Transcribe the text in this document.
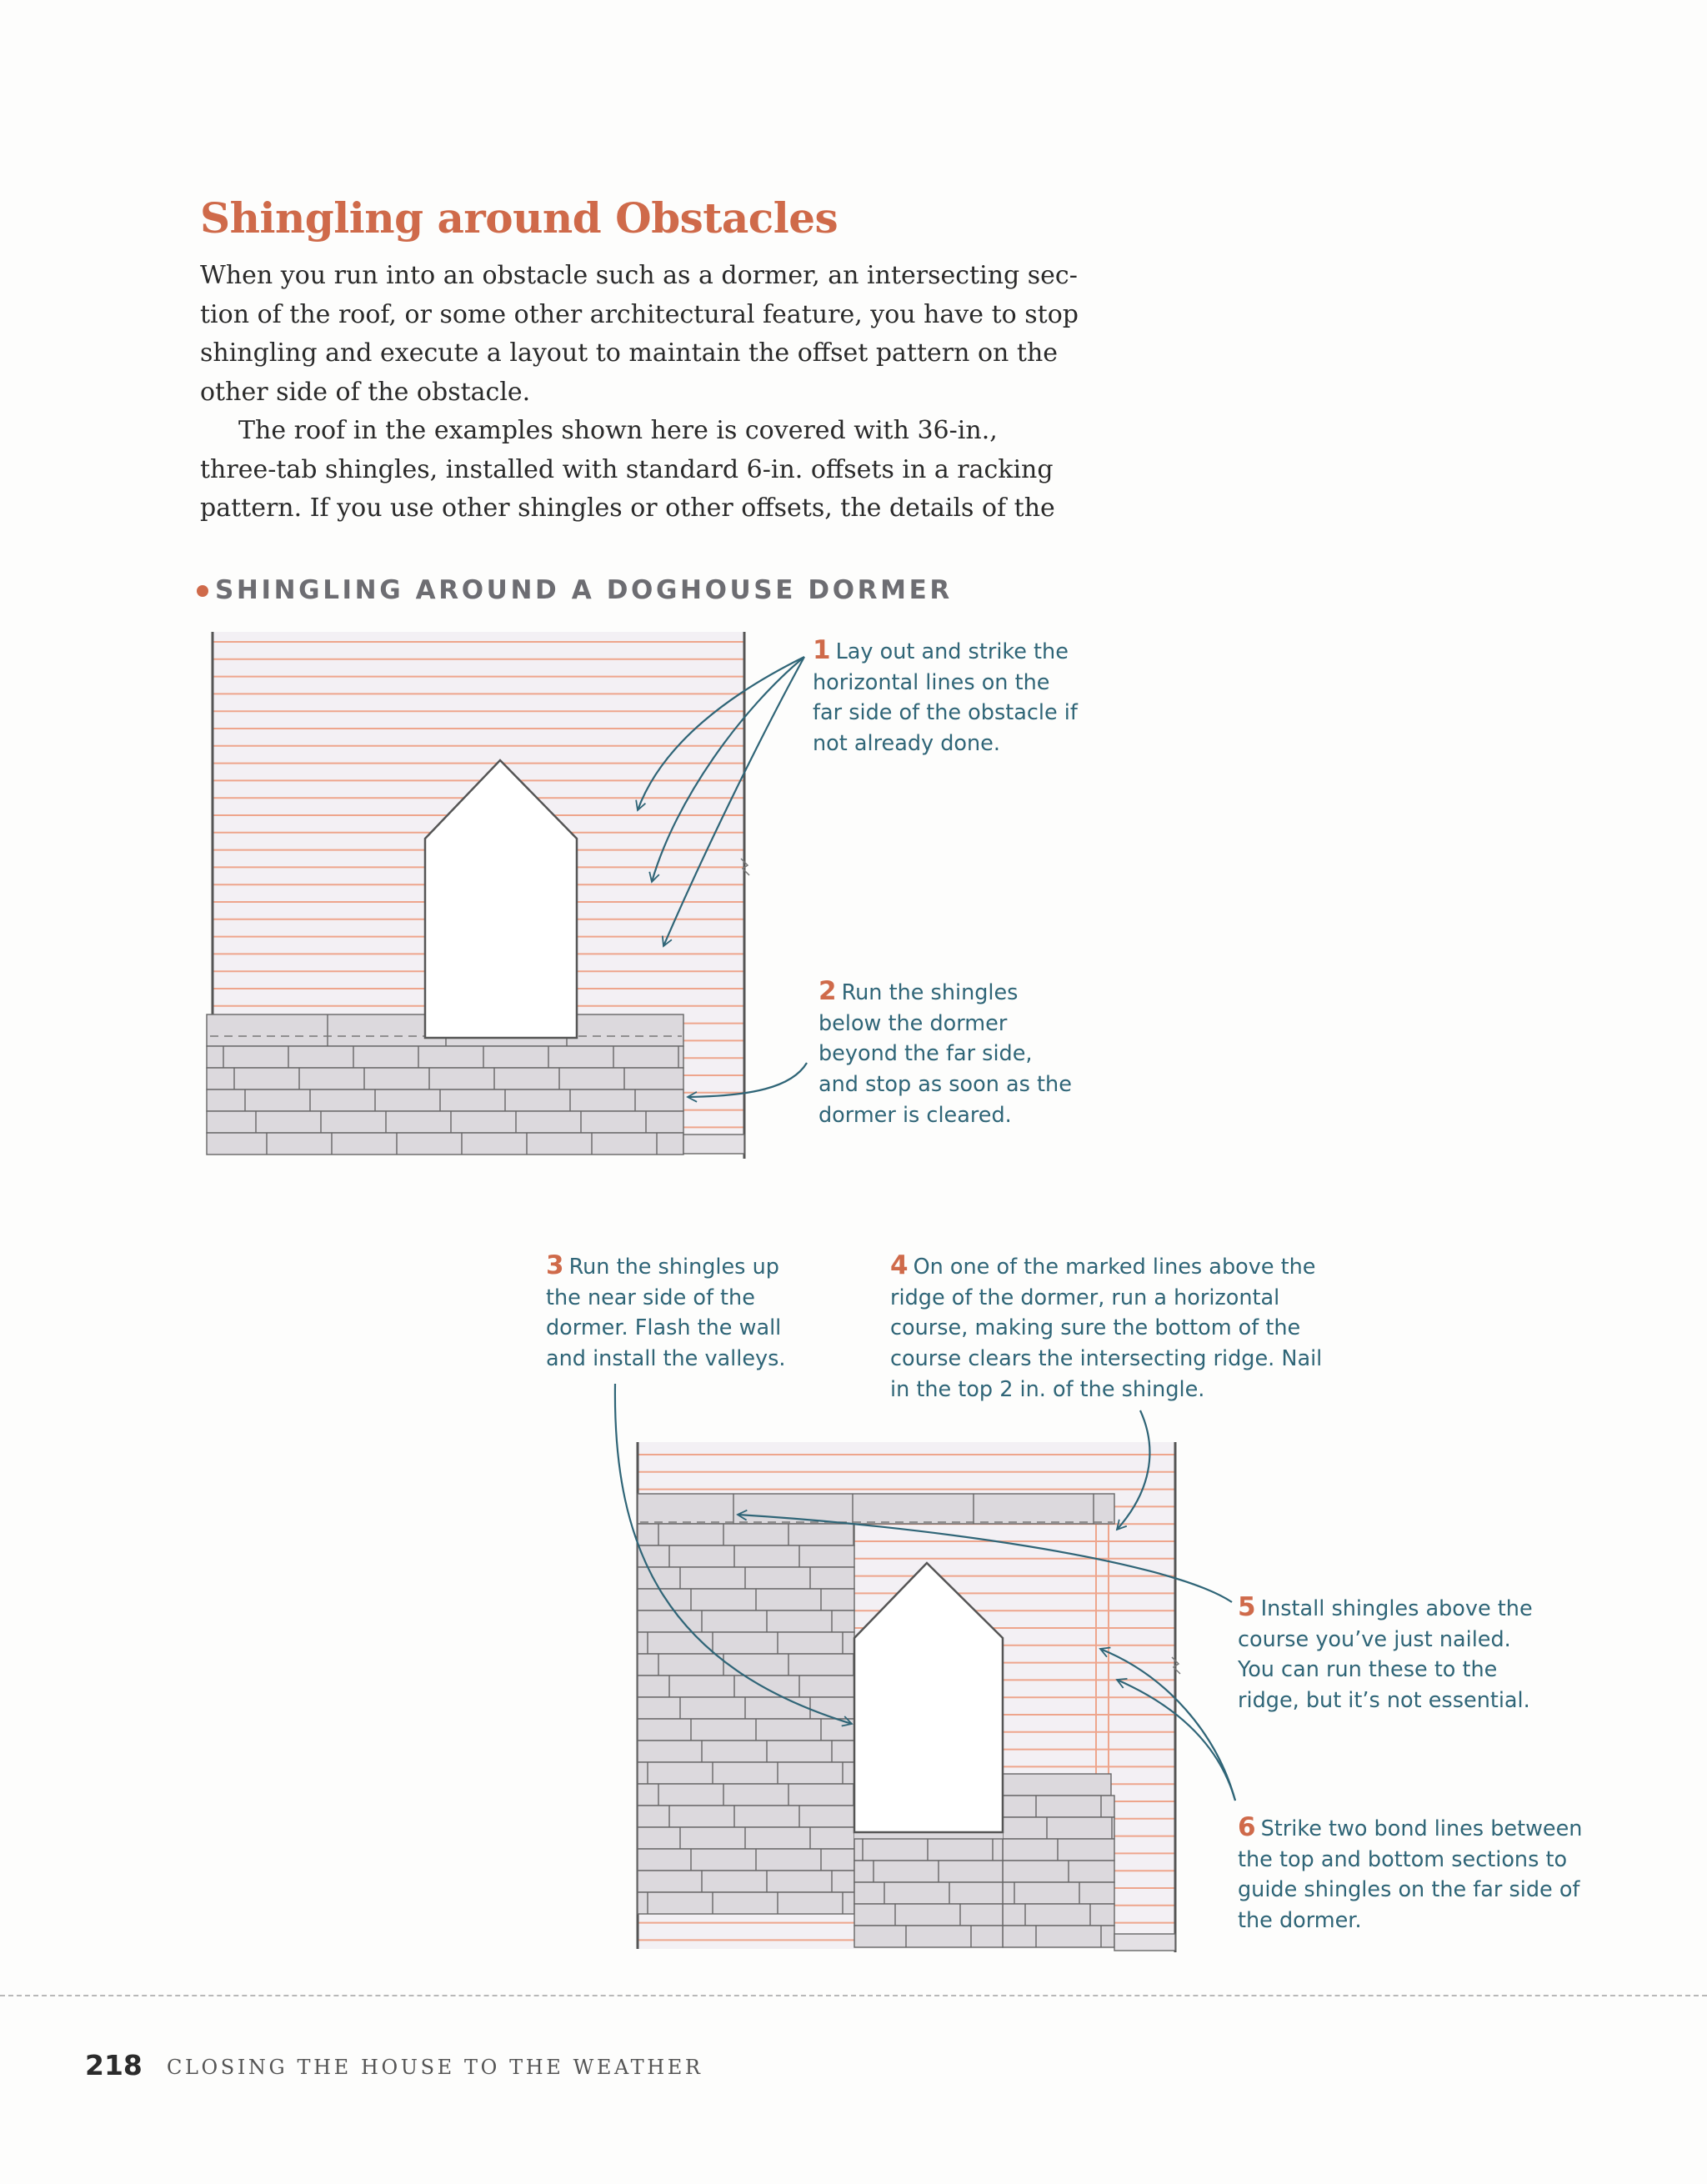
Shingling around Obstacles

When you run into an obstacle such as a dormer, an intersecting sec-

tion of the roof, or some other architectural feature, you have to stop

shingling and execute a layout to maintain the offset pattern on the

other side of the obstacle.

The roof in the examples shown here is covered with 36-in.,

three-tab shingles, installed with standard 6-in. offsets in a racking

pattern. If you use other shingles or other offsets, the details of the

SHINGLING AROUND A DOGHOUSE DORMER
1 Lay out and strike the
horizontal lines on the
far side of the obstacle if
not already done.
2 Run the shingles
below the dormer
beyond the far side,
and stop as soon as the
dormer is cleared.
3 Run the shingles up
the near side of the
dormer. Flash the wall
and install the valleys.
4 On one of the marked lines above the
ridge of the dormer, run a horizontal
course, making sure the bottom of the
course clears the intersecting ridge. Nail
in the top 2 in. of the shingle.
5 Install shingles above the
course you’ve just nailed.
You can run these to the
ridge, but it’s not essential.
6 Strike two bond lines between
the top and bottom sections to
guide shingles on the far side of
the dormer.
218 CLOSING THE HOUSE TO THE WEATHER
